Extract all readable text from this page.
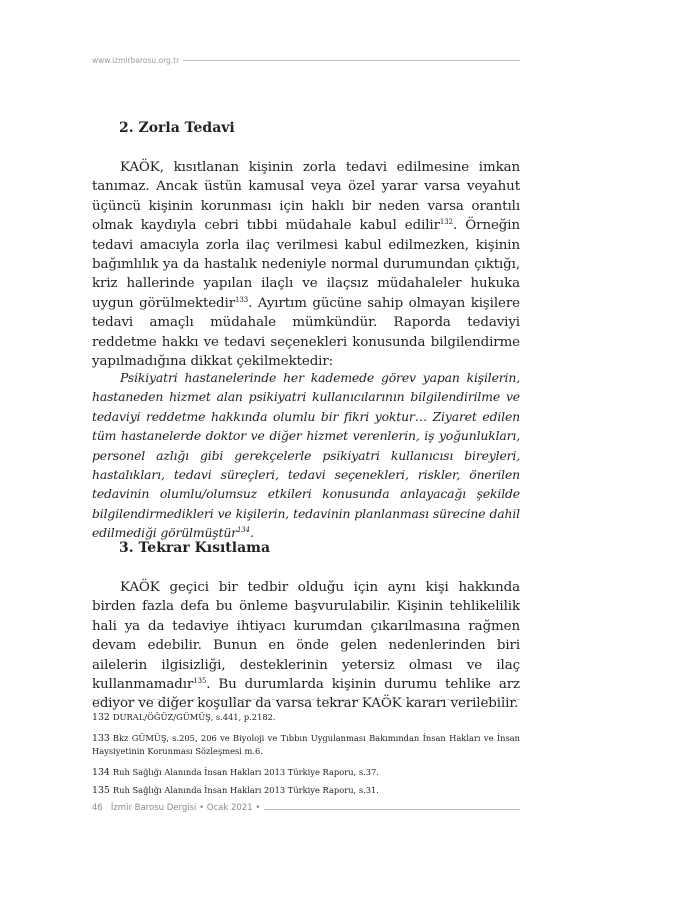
www.izmirbarosu.org.tr
2. Zorla Tedavi

KAÖK, kısıtlanan kişinin zorla tedavi edilmesine imkan tanımaz. Ancak üstün kamusal veya özel yarar varsa veyahut üçüncü kişinin korunması için haklı bir neden varsa orantılı olmak kaydıyla cebri tıbbi müdahale kabul edilir$^{132}$. Örneğin tedavi amacıyla zorla ilaç verilmesi kabul edilmezken, kişinin bağımlılık ya da hastalık nedeniyle normal durumundan çıktığı, kriz hallerinde yapılan ilaçlı ve ilaçsız müdahaleler hukuka uygun görülmektedir$^{133}$. Ayırtım gücüne sahip olmayan kişilere tedavi amaçlı müdahale mümkündür. Raporda tedaviyi reddetme hakkı ve tedavi seçenekleri konusunda bilgilendirme yapılmadığına dikkat çekilmektedir:

Psikiyatri hastanelerinde her kademede görev yapan kişilerin, hastaneden hizmet alan psikiyatri kullanıcılarının bilgilendirilme ve tedaviyi reddetme hakkında olumlu bir fikri yoktur… Ziyaret edilen tüm hastanelerde doktor ve diğer hizmet verenlerin, iş yoğunlukları, personel azlığı gibi gerekçelerle psikiyatri kullanıcısı bireyleri, hastalıkları, tedavi süreçleri, tedavi seçenekleri, riskler, önerilen tedavinin olumlu/olumsuz etkileri konusunda anlayacağı şekilde bilgilendirmedikleri ve kişilerin, tedavinin planlanması sürecine dahil edilmediği görülmüştür$^{134}$.

3. Tekrar Kısıtlama

KAÖK geçici bir tedbir olduğu için aynı kişi hakkında birden fazla defa bu önleme başvurulabilir. Kişinin tehlikelilik hali ya da tedaviye ihtiyacı kurumdan çıkarılmasına rağmen devam edebilir. Bunun en önde gelen nedenlerinden biri ailelerin ilgisizliği, desteklerinin yetersiz olması ve ilaç kullanmamadır$^{135}$. Bu durumlarda kişinin durumu tehlike arz ediyor ve diğer koşullar da varsa tekrar KAÖK kararı verilebilir.

132 DURAL/ÖĞÜZ/GÜMÜŞ, s.441, p.2182.
133 Bkz GÜMÜŞ, s.205, 206 ve Biyoloji ve Tıbbın Uygulanması Bakımından İnsan Hakları ve İnsan Haysiyetinin Korunması Sözleşmesi m.6.
134 Ruh Sağlığı Alanında İnsan Hakları 2013 Türkiye Raporu, s.37.
135 Ruh Sağlığı Alanında İnsan Hakları 2013 Türkiye Raporu, s.31.
46 İzmir Barosu Dergisi • Ocak 2021 •
